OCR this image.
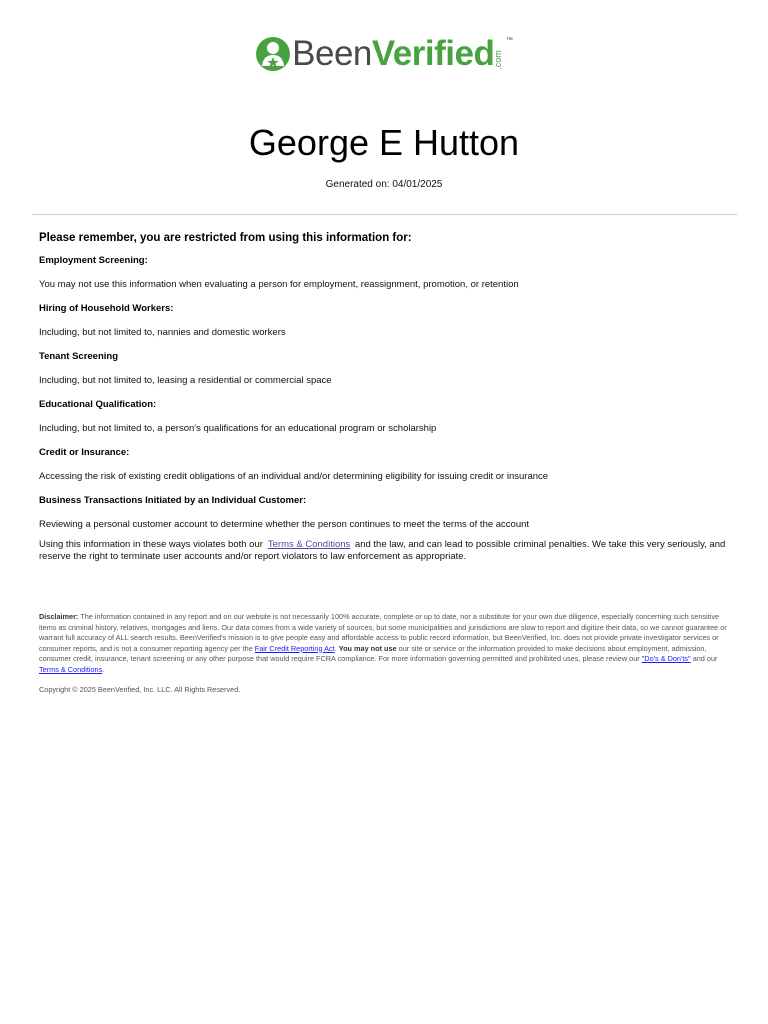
BeenVerified
.com
™
George E Hutton
Generated on: 04/01/2025
Please remember, you are restricted from using this information for:
Employment Screening:
You may not use this information when evaluating a person for employment, reassignment, promotion, or retention
Hiring of Household Workers:
Including, but not limited to, nannies and domestic workers
Tenant Screening
Including, but not limited to, leasing a residential or commercial space
Educational Qualification:
Including, but not limited to, a person's qualifications for an educational program or scholarship
Credit or Insurance:
Accessing the risk of existing credit obligations of an individual and/or determining eligibility for issuing credit or insurance
Business Transactions Initiated by an Individual Customer:
Reviewing a personal customer account to determine whether the person continues to meet the terms of the account
Using this information in these ways violates both our Terms & Conditions and the law, and can lead to possible criminal penalties. We take this very seriously, and reserve the right to terminate user accounts and/or report violators to law enforcement as appropriate.
Disclaimer: The information contained in any report and on our website is not necessarily 100% accurate, complete or up to date, nor a substitute for your own due diligence, especially concerning such sensitive items as criminal history, relatives, mortgages and liens. Our data comes from a wide variety of sources, but some municipalities and jurisdictions are slow to report and digitize their data, so we cannot guarantee or warrant full accuracy of ALL search results. BeenVerified's mission is to give people easy and affordable access to public record information, but BeenVerified, Inc. does not provide private investigator services or consumer reports, and is not a consumer reporting agency per the Fair Credit Reporting Act. You may not use our site or service or the information provided to make decisions about employment, admission, consumer credit, insurance, tenant screening or any other purpose that would require FCRA compliance. For more information governing permitted and prohibited uses, please review our "Do's & Don'ts" and our Terms & Conditions.
Copyright © 2025 BeenVerified, Inc. LLC. All Rights Reserved.
